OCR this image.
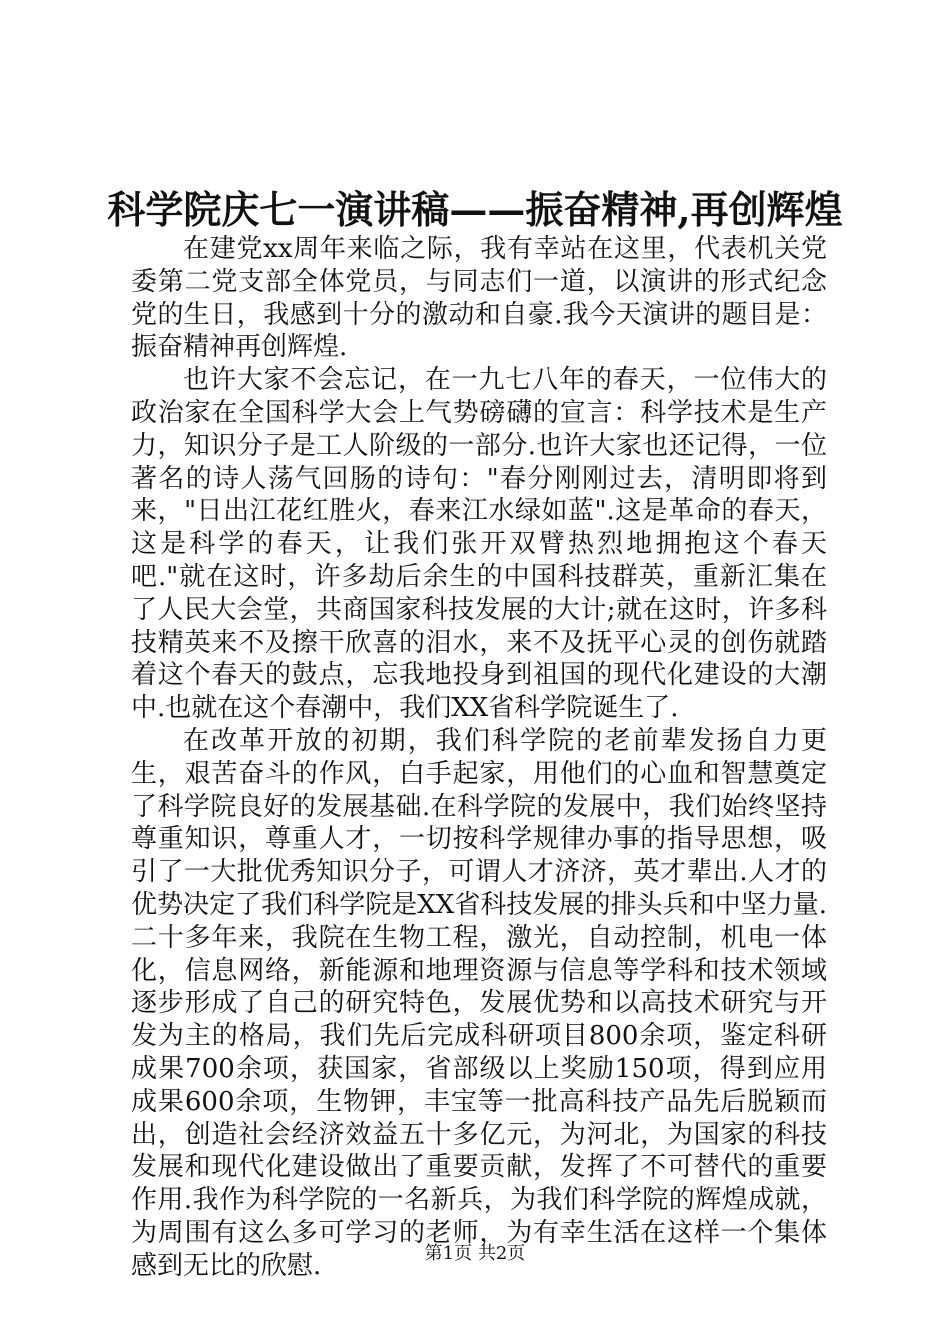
科学院庆七一演讲稿——振奋精神,再创辉煌

在建党xx周年来临之际，我有幸站在这里，代表机关党委第二党支部全体党员，与同志们一道，以演讲的形式纪念党的生日，我感到十分的激动和自豪.我今天演讲的题目是：振奋精神再创辉煌.

也许大家不会忘记，在一九七八年的春天，一位伟大的政治家在全国科学大会上气势磅礴的宣言：科学技术是生产力，知识分子是工人阶级的一部分.也许大家也还记得，一位著名的诗人荡气回肠的诗句："春分刚刚过去，清明即将到来，"日出江花红胜火，春来江水绿如蓝".这是革命的春天，这是科学的春天，让我们张开双臂热烈地拥抱这个春天吧."就在这时，许多劫后余生的中国科技群英，重新汇集在了人民大会堂，共商国家科技发展的大计;就在这时，许多科技精英来不及擦干欣喜的泪水，来不及抚平心灵的创伤就踏着这个春天的鼓点，忘我地投身到祖国的现代化建设的大潮中.也就在这个春潮中，我们XX省科学院诞生了.

在改革开放的初期，我们科学院的老前辈发扬自力更生，艰苦奋斗的作风，白手起家，用他们的心血和智慧奠定了科学院良好的发展基础.在科学院的发展中，我们始终坚持尊重知识，尊重人才，一切按科学规律办事的指导思想，吸引了一大批优秀知识分子，可谓人才济济，英才辈出.人才的优势决定了我们科学院是XX省科技发展的排头兵和中坚力量.二十多年来，我院在生物工程，激光，自动控制，机电一体化，信息网络，新能源和地理资源与信息等学科和技术领域逐步形成了自己的研究特色，发展优势和以高技术研究与开发为主的格局，我们先后完成科研项目800余项，鉴定科研成果700余项，获国家，省部级以上奖励150项，得到应用成果600余项，生物钾，丰宝等一批高科技产品先后脱颖而出，创造社会经济效益五十多亿元，为河北，为国家的科技发展和现代化建设做出了重要贡献，发挥了不可替代的重要作用.我作为科学院的一名新兵，为我们科学院的辉煌成就，为周围有这么多可学习的老师，为有幸生活在这样一个集体感到无比的欣慰.	第1页 共2页
